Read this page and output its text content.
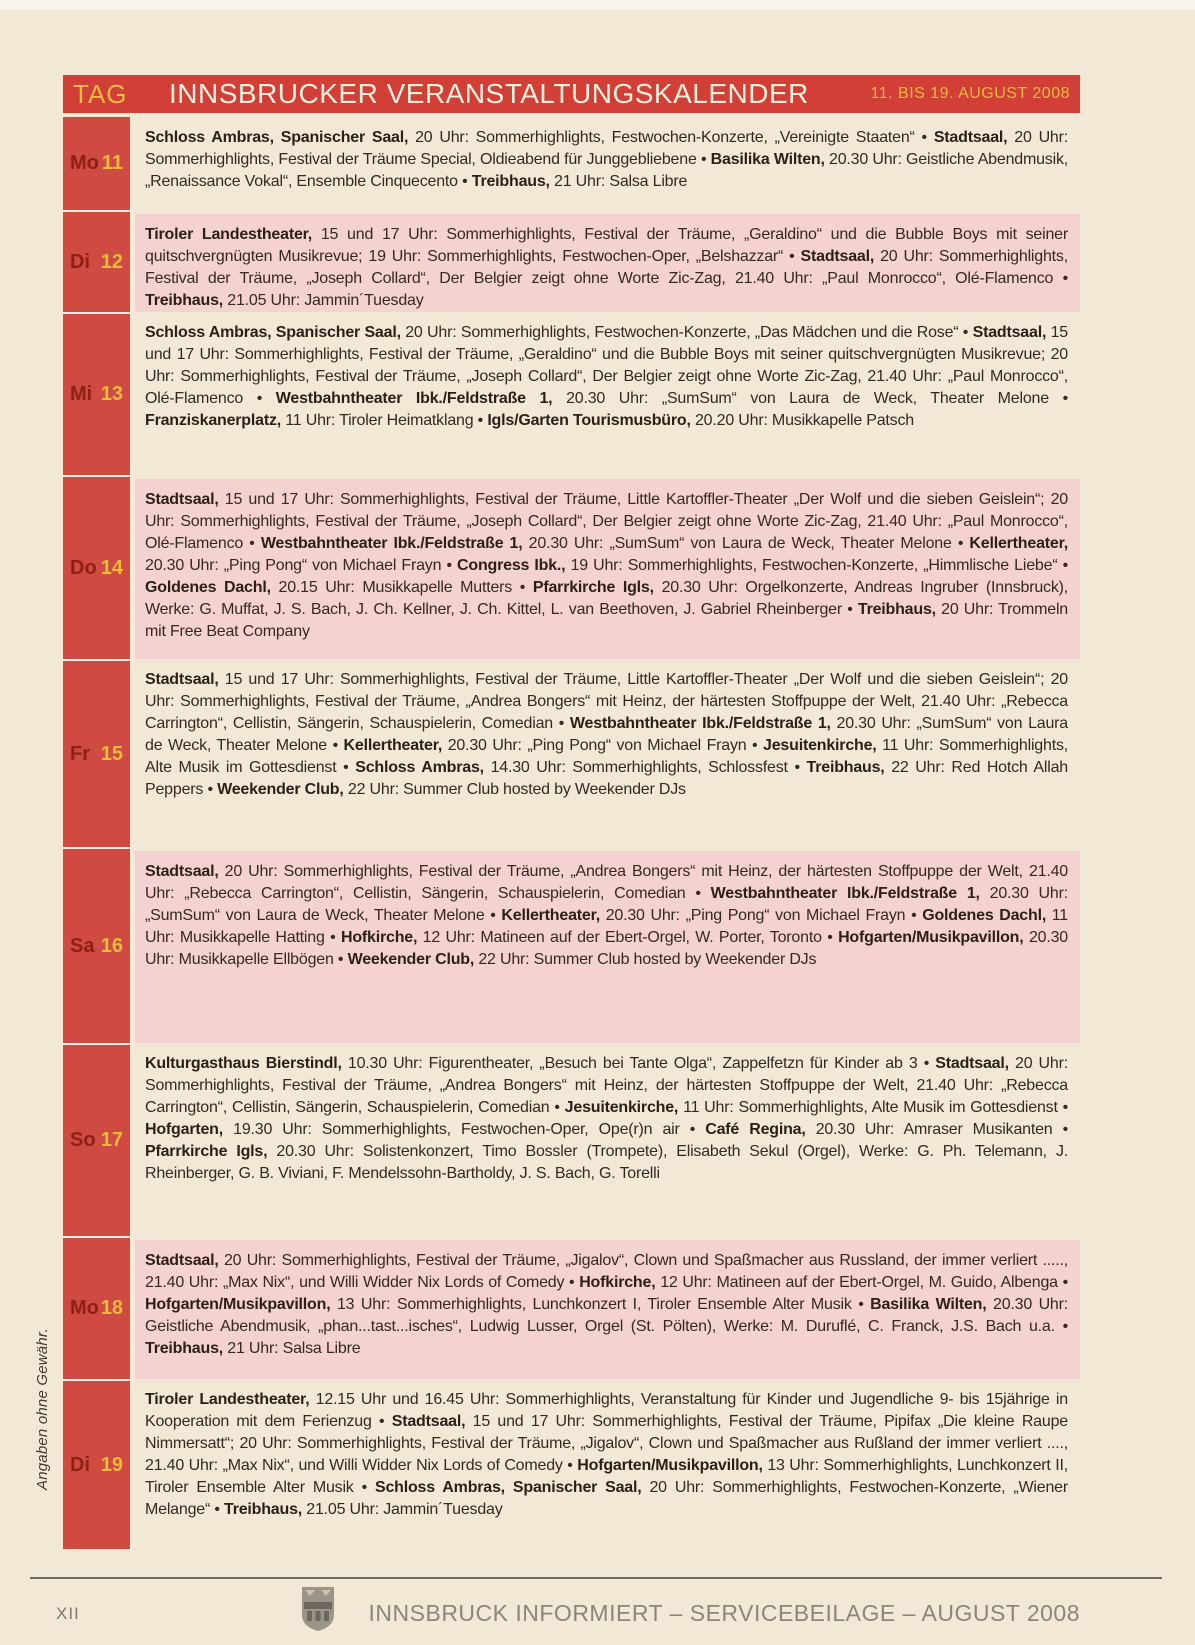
TAG	INNSBRUCKER VERANSTALTUNGSKALENDER	11. BIS 19. AUGUST 2008
Mo 11
Schloss Ambras, Spanischer Saal, 20 Uhr: Sommerhighlights, Festwochen-Konzerte, „Vereinigte Staaten“ • Stadtsaal, 20 Uhr: Sommerhighlights, Festival der Träume Special, Oldieabend für Junggebliebene • Basilika Wilten, 20.30 Uhr: Geistliche Abendmusik, „Renaissance Vokal“, Ensemble Cinquecento • Treibhaus, 21 Uhr: Salsa Libre
Di 12
Tiroler Landestheater, 15 und 17 Uhr: Sommerhighlights, Festival der Träume, „Geraldino“ und die Bubble Boys mit seiner quitschvergnügten Musikrevue; 19 Uhr: Sommerhighlights, Festwochen-Oper, „Belshazzar“ • Stadtsaal, 20 Uhr: Sommerhighlights, Festival der Träume, „Joseph Collard“, Der Belgier zeigt ohne Worte Zic-Zag, 21.40 Uhr: „Paul Monrocco“, Olé-Flamenco • Treibhaus, 21.05 Uhr: Jammin´Tuesday
Mi 13
Schloss Ambras, Spanischer Saal, 20 Uhr: Sommerhighlights, Festwochen-Konzerte, „Das Mädchen und die Rose“ • Stadtsaal, 15 und 17 Uhr: Sommerhighlights, Festival der Träume, „Geraldino“ und die Bubble Boys mit seiner quitschvergnügten Musikrevue; 20 Uhr: Sommerhighlights, Festival der Träume, „Joseph Collard“, Der Belgier zeigt ohne Worte Zic-Zag, 21.40 Uhr: „Paul Monrocco“, Olé-Flamenco • Westbahntheater Ibk./Feldstraße 1, 20.30 Uhr: „SumSum“ von Laura de Weck, Theater Melone • Franziskanerplatz, 11 Uhr: Tiroler Heimatklang • Igls/Garten Tourismusbüro, 20.20 Uhr: Musikkapelle Patsch
Do 14
Stadtsaal, 15 und 17 Uhr: Sommerhighlights, Festival der Träume, Little Kartoffler-Theater „Der Wolf und die sieben Geislein“; 20 Uhr: Sommerhighlights, Festival der Träume, „Joseph Collard“, Der Belgier zeigt ohne Worte Zic-Zag, 21.40 Uhr: „Paul Monrocco“, Olé-Flamenco • Westbahntheater Ibk./Feldstraße 1, 20.30 Uhr: „SumSum“ von Laura de Weck, Theater Melone • Kellertheater, 20.30 Uhr: „Ping Pong“ von Michael Frayn • Congress Ibk., 19 Uhr: Sommerhighlights, Festwochen-Konzerte, „Himmlische Liebe“ • Goldenes Dachl, 20.15 Uhr: Musikkapelle Mutters • Pfarrkirche Igls, 20.30 Uhr: Orgelkonzerte, Andreas Ingruber (Innsbruck), Werke: G. Muffat, J. S. Bach, J. Ch. Kellner, J. Ch. Kittel, L. van Beethoven, J. Gabriel Rheinberger • Treibhaus, 20 Uhr: Trommeln mit Free Beat Company
Fr 15
Stadtsaal, 15 und 17 Uhr: Sommerhighlights, Festival der Träume, Little Kartoffler-Theater „Der Wolf und die sieben Geislein“; 20 Uhr: Sommerhighlights, Festival der Träume, „Andrea Bongers“ mit Heinz, der härtesten Stoffpuppe der Welt, 21.40 Uhr: „Rebecca Carrington“, Cellistin, Sängerin, Schauspielerin, Comedian • Westbahntheater Ibk./Feldstraße 1, 20.30 Uhr: „SumSum“ von Laura de Weck, Theater Melone • Kellertheater, 20.30 Uhr: „Ping Pong“ von Michael Frayn • Jesuitenkirche, 11 Uhr: Sommerhighlights, Alte Musik im Gottesdienst • Schloss Ambras, 14.30 Uhr: Sommerhighlights, Schlossfest • Treibhaus, 22 Uhr: Red Hotch Allah Peppers • Weekender Club, 22 Uhr: Summer Club hosted by Weekender DJs
Sa 16
Stadtsaal, 20 Uhr: Sommerhighlights, Festival der Träume, „Andrea Bongers“ mit Heinz, der härtesten Stoffpuppe der Welt, 21.40 Uhr: „Rebecca Carrington“, Cellistin, Sängerin, Schauspielerin, Comedian • Westbahntheater Ibk./Feldstraße 1, 20.30 Uhr: „SumSum“ von Laura de Weck, Theater Melone • Kellertheater, 20.30 Uhr: „Ping Pong“ von Michael Frayn • Goldenes Dachl, 11 Uhr: Musikkapelle Hatting • Hofkirche, 12 Uhr: Matineen auf der Ebert-Orgel, W. Porter, Toronto • Hofgarten/Musikpavillon, 20.30 Uhr: Musikkapelle Ellbögen • Weekender Club, 22 Uhr: Summer Club hosted by Weekender DJs
So 17
Kulturgasthaus Bierstindl, 10.30 Uhr: Figurentheater, „Besuch bei Tante Olga“, Zappelfetzn für Kinder ab 3 • Stadtsaal, 20 Uhr: Sommerhighlights, Festival der Träume, „Andrea Bongers“ mit Heinz, der härtesten Stoffpuppe der Welt, 21.40 Uhr: „Rebecca Carrington“, Cellistin, Sängerin, Schauspielerin, Comedian • Jesuitenkirche, 11 Uhr: Sommerhighlights, Alte Musik im Gottesdienst • Hofgarten, 19.30 Uhr: Sommerhighlights, Festwochen-Oper, Ope(r)n air • Café Regina, 20.30 Uhr: Amraser Musikanten • Pfarrkirche Igls, 20.30 Uhr: Solistenkonzert, Timo Bossler (Trompete), Elisabeth Sekul (Orgel), Werke: G. Ph. Telemann, J. Rheinberger, G. B. Viviani, F. Mendelssohn-Bartholdy, J. S. Bach, G. Torelli
Mo 18
Stadtsaal, 20 Uhr: Sommerhighlights, Festival der Träume, „Jigalov“, Clown und Spaßmacher aus Russland, der immer verliert ....., 21.40 Uhr: „Max Nix“, und Willi Widder Nix Lords of Comedy • Hofkirche, 12 Uhr: Matineen auf der Ebert-Orgel, M. Guido, Albenga • Hofgarten/Musikpavillon, 13 Uhr: Sommerhighlights, Lunchkonzert I, Tiroler Ensemble Alter Musik • Basilika Wilten, 20.30 Uhr: Geistliche Abendmusik, „phan...tast...isches“, Ludwig Lusser, Orgel (St. Pölten), Werke: M. Duruflé, C. Franck, J.S. Bach u.a. • Treibhaus, 21 Uhr: Salsa Libre
Di 19
Tiroler Landestheater, 12.15 Uhr und 16.45 Uhr: Sommerhighlights, Veranstaltung für Kinder und Jugendliche 9- bis 15jährige in Kooperation mit dem Ferienzug • Stadtsaal, 15 und 17 Uhr: Sommerhighlights, Festival der Träume, Pipifax „Die kleine Raupe Nimmersatt“; 20 Uhr: Sommerhighlights, Festival der Träume, „Jigalov“, Clown und Spaßmacher aus Rußland der immer verliert ...., 21.40 Uhr: „Max Nix“, und Willi Widder Nix Lords of Comedy • Hofgarten/Musikpavillon, 13 Uhr: Sommerhighlights, Lunchkonzert II, Tiroler Ensemble Alter Musik • Schloss Ambras, Spanischer Saal, 20 Uhr: Sommerhighlights, Festwochen-Konzerte, „Wiener Melange“ • Treibhaus, 21.05 Uhr: Jammin´Tuesday
Angaben ohne Gewähr.
XII	INNSBRUCK INFORMIERT – SERVICEBEILAGE – AUGUST 2008
